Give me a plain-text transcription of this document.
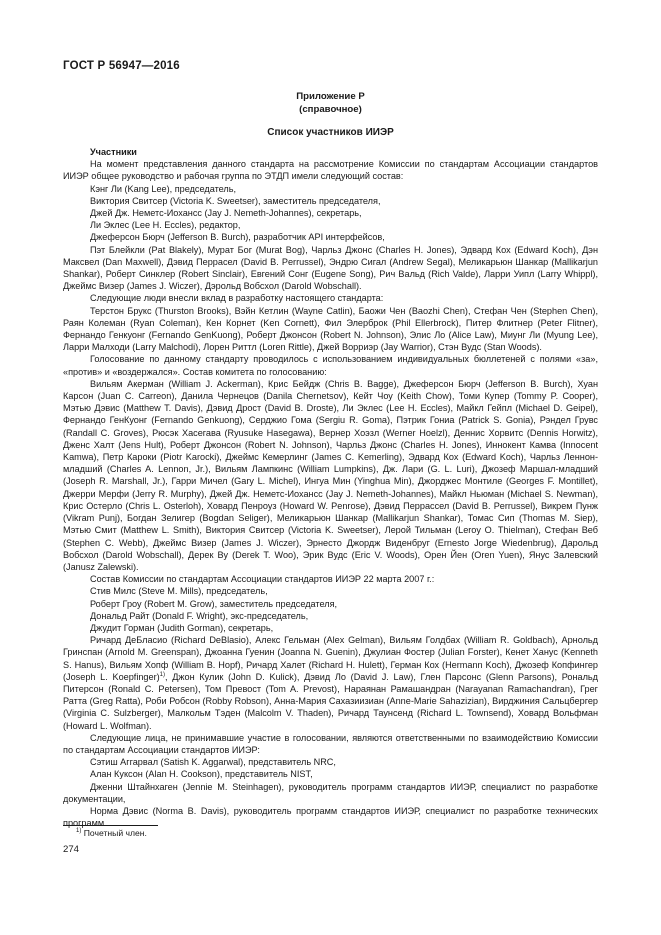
ГОСТ Р 56947—2016
Приложение Р
(справочное)
Список участников ИИЭР

Участники

На момент представления данного стандарта на рассмотрение Комиссии по стандартам Ассоциации стандартов ИИЭР общее руководство и рабочая группа по ЭТДП имели следующий состав:

Кэнг Ли (Kang Lee), председатель,

Виктория Свитсер (Victoria K. Sweetser), заместитель председателя,

Джей Дж. Неметс-Иохансс (Jay J. Nemeth-Johannes), секретарь,

Ли Эклес (Lee H. Eccles), редактор,

Джеферсон Бюрч (Jefferson B. Burch), разработчик API интерфейсов,

Пэт Блейкли (Pat Blakely), Мурат Бог (Murat Bog), Чарльз Джонс (Charles H. Jones), Эдвард Кох (Edward Koch), Дэн Максвел (Dan Maxwell), Дэвид Перрасел (David B. Perrussel), Эндрю Сигал (Andrew Segal), Меликарьюн Шанкар (Mallikarjun Shankar), Роберт Синклер (Robert Sinclair), Евгений Сонг (Eugene Song), Рич Вальд (Rich Valde), Ларри Уипл (Larry Whippl), Джеймс Визер (James J. Wiczer), Дэрольд Вобсхол (Darold Wobschall).

Следующие люди внесли вклад в разработку настоящего стандарта:

Терстон Брукс (Thurston Brooks), Вэйн Кетлин (Wayne Catlin), Баожи Чен (Baozhi Chen), Стефан Чен (Stephen Chen), Раян Колеман (Ryan Coleman), Кен Корнет (Ken Cornett), Фил Элерброк (Phil Ellerbrock), Питер Флитнер (Peter Flitner), Фернандо Генкуонг (Fernando GenKuong), Роберт Джонсон (Robert N. Johnson), Элис Ло (Alice Law), Миунг Ли (Myung Lee), Ларри Малходи (Larry Malchodi), Лорен Риттл (Loren Rittle), Джей Ворриэр (Jay Warrior), Стэн Вудс (Stan Woods).

Голосование по данному стандарту проводилось с использованием индивидуальных бюллетеней с полями «за», «против» и «воздержался». Состав комитета по голосованию:

Вильям Акерман (William J. Ackerman), Крис Бейдж (Chris B. Bagge), Джеферсон Бюрч (Jefferson B. Burch), Хуан Карсон (Juan C. Carreon), Данила Чернецов (Danila Chernetsov), Кейт Чоу (Keith Chow), Томи Купер (Tommy P. Cooper), Мэтью Дэвис (Matthew T. Davis), Дэвид Дрост (David B. Droste), Ли Эклес (Lee H. Eccles), Майкл Гейпл (Michael D. Geipel), Фернандо ГенКуонг (Fernando Genkuong), Серджио Гома (Sergiu R. Goma), Пэтрик Гониа (Patrick S. Gonia), Рэндел Грувс (Randall C. Groves), Рюсэк Хасегава (Ryusuke Hasegawa), Вернер Хоэзл (Werner Hoelzl), Деннис Хорвитс (Dennis Horwitz), Дженс Халт (Jens Hult), Роберт Джонсон (Robert N. Johnson), Чарльз Джонс (Charles H. Jones), Иннокент Камва (Innocent Kamwa), Петр Кароки (Piotr Karocki), Джеймс Кемерлинг (James C. Kemerling), Эдвард Кох (Edward Koch), Чарльз Леннон-младший (Charles A. Lennon, Jr.), Вильям Лампкинс (William Lumpkins), Дж. Лари (G. L. Luri), Джозеф Маршал-младший (Joseph R. Marshall, Jr.), Гарри Мичел (Gary L. Michel), Ингуа Мин (Yinghua Min), Джорджес Монтиле (Georges F. Montillet), Джерри Мерфи (Jerry R. Murphy), Джей Дж. Неметс-Иохансс (Jay J. Nemeth-Johannes), Майкл Ньюман (Michael S. Newman), Крис Остерло (Chris L. Osterloh), Ховард Пенроуз (Howard W. Penrose), Дэвид Перрассел (David B. Perrussel), Викрем Пунж (Vikram Punj), Богдан Зелигер (Bogdan Seliger), Меликарьюн Шанкар (Mallikarjun Shankar), Томас Сип (Thomas M. Siep), Мэтью Смит (Matthew L. Smith), Виктория Свитсер (Victoria K. Sweetser), Лерой Тильман (Leroy O. Thielman), Стефан Веб (Stephen C. Webb), Джеймс Визер (James J. Wiczer), Эрнесто Джордж Виденбруг (Ernesto Jorge Wiedenbrug), Дарольд Вобсхол (Darold Wobschall), Дерек Ву (Derek T. Woo), Эрик Вудс (Eric V. Woods), Орен Йен (Oren Yuen), Янус Залевский (Janusz Zalewski).

Состав Комиссии по стандартам Ассоциации стандартов ИИЭР 22 марта 2007 г.:

Стив Милс (Steve M. Mills), председатель,

Роберт Гроу (Robert M. Grow), заместитель председателя,

Дональд Райт (Donald F. Wright), экс-председатель,

Джудит Горман (Judith Gorman), секретарь,

Ричард ДеБласио (Richard DeBlasio), Алекс Гельман (Alex Gelman), Вильям Голдбах (William R. Goldbach), Арнольд Гринспан (Arnold M. Greenspan), Джоанна Гуенин (Joanna N. Guenin), Джулиан Фостер (Julian Forster), Кенет Ханус (Kenneth S. Hanus), Вильям Хопф (William B. Hopf), Ричард Халет (Richard H. Hulett), Герман Кох (Hermann Koch), Джозеф Копфингер (Joseph L. Koepfinger)$^{1)}$, Джон Кулик (John D. Kulick), Дэвид Ло (David J. Law), Глен Парсонс (Glenn Parsons), Рональд Питерсон (Ronald C. Petersen), Том Превост (Tom A. Prevost), Нараянан Рамашандран (Narayanan Ramachandran), Грег Ратта (Greg Ratta), Роби Робсон (Robby Robson), Анна-Мария Сахазиизиан (Anne-Marie Sahazizian), Вирджиния Сальцбергер (Virginia C. Sulzberger), Малкольм Тэден (Malcolm V. Thaden), Ричард Таунсенд (Richard L. Townsend), Ховард Вольфман (Howard L. Wolfman).

Следующие лица, не принимавшие участие в голосовании, являются ответственными по взаимодействию Комиссии по стандартам Ассоциации стандартов ИИЭР:

Сэтиш Аггарвал (Satish K. Aggarwal), представитель NRC,

Алан Куксон (Alan H. Cookson), представитель NIST,

Дженни Штайнхаген (Jennie M. Steinhagen), руководитель программ стандартов ИИЭР, специалист по разработке документации,

Норма Дэвис (Norma B. Davis), руководитель программ стандартов ИИЭР, специалист по разработке технических программ.

$^{1)}$ Почетный член.
274
